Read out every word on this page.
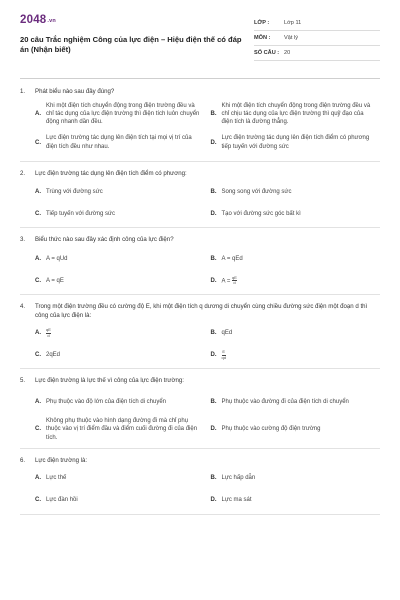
2048.vn
20 câu Trắc nghiệm Công của lực điện – Hiệu điện thế có đáp án (Nhận biết)
LỚP :	Lớp 11
MÔN :	Vật lý
SỐ CÂU : 20
1.	Phát biểu nào sau đây đúng?
A.
Khi một điện tích chuyển động trong điện trường đều và chỉ tác dụng của lực điện trường thì điện tích luôn chuyển động nhanh dần đều.
B.
Khi một điện tích chuyển động trong điện trường đều và chỉ chịu tác dụng của lực điện trường thì quỹ đạo của điện tích là đường thẳng.
C.
Lực điện trường tác dụng lên điện tích tại mọi vị trí của điện tích đều như nhau.
D.
Lực điện trường tác dụng lên điện tích điểm có phương tiếp tuyến với đường sức
2.	Lực điện trường tác dụng lên điện tích điểm có phương:
A. Trùng với đường sức	B. Song song với đường sức
C. Tiếp tuyến với đường sức	D. Tạo với đường sức góc bất kì
3.	Biểu thức nào sau đây xác định công của lực điện?
A. A = qUd	B. A = qEd
C. A = qE	D. $A = \frac{qE}{d}$
4.	Trong một điện trường đều có cường độ E, khi một điện tích q dương di chuyển cùng chiều đường sức điện một đoạn d thì công của lực điện là:
A.	$\frac{qE}{d}$	B. qEd
C. 2qEd	D.	$\frac{E}{qd}$
5.	Lực điện trường là lực thế vì công của lực điện trường:
A. Phụ thuộc vào độ lớn của điện tích di chuyển	B. Phụ thuộc vào đường đi của điện tích di chuyển
C.
Không phụ thuộc vào hình dạng đường đi mà chỉ phụ thuộc vào vị trí điểm đầu và điểm cuối đường đi của điện tích.
D. Phụ thuộc vào cường độ điện trường
6.	Lực điện trường là:
A. Lực thế	B. Lực hấp dẫn
C. Lực đàn hồi	D. Lực ma sát
